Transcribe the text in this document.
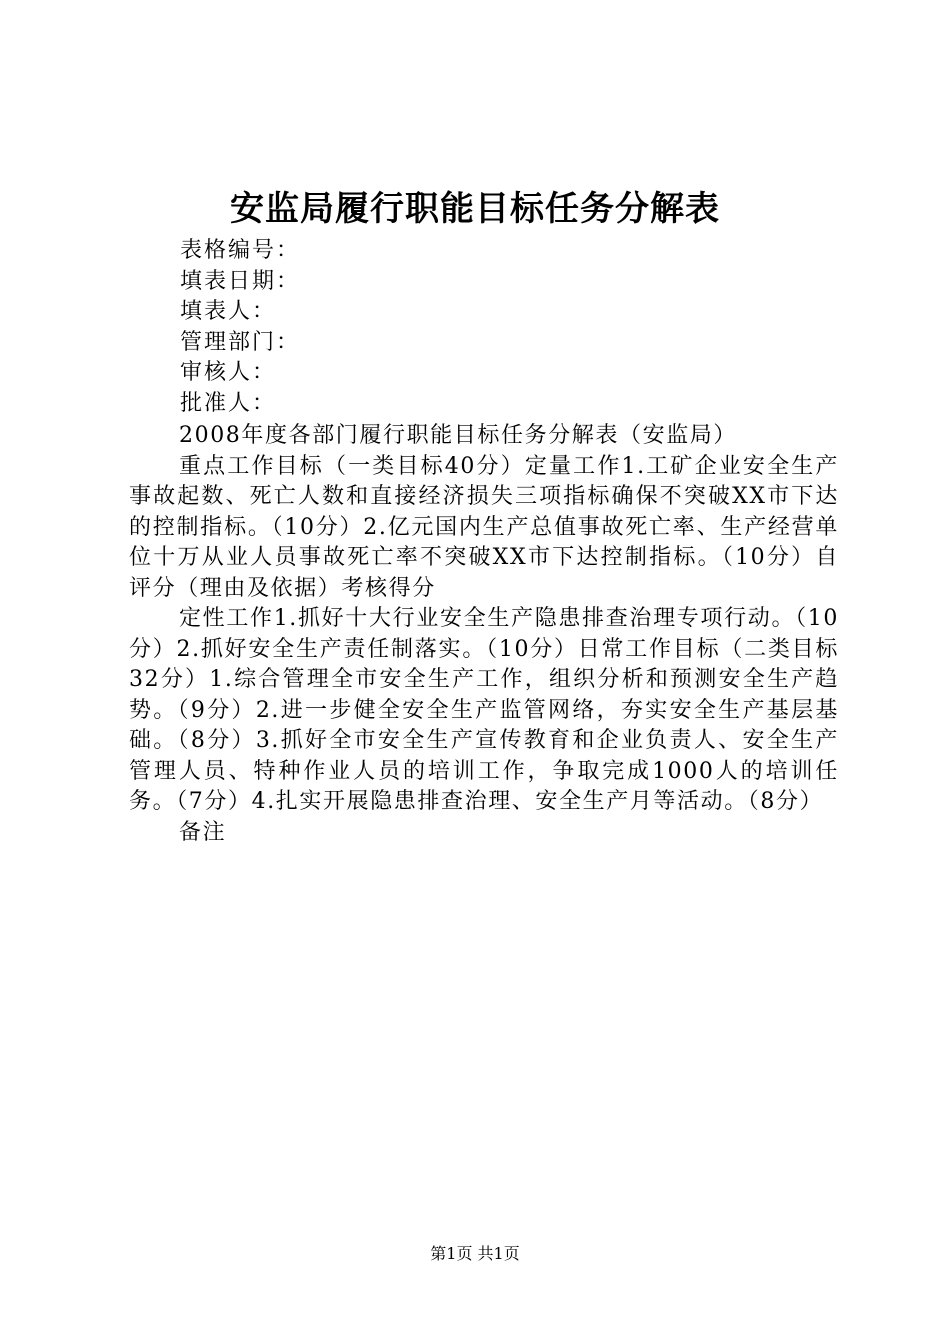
安监局履行职能目标任务分解表
表格编号：
填表日期：
填表人：
管理部门：
审核人：
批准人：

2008年度各部门履行职能目标任务分解表（安监局）

重点工作目标（一类目标40分）定量工作1.工矿企业安全生产事故起数、死亡人数和直接经济损失三项指标确保不突破XX市下达的控制指标。（10分）2.亿元国内生产总值事故死亡率、生产经营单位十万从业人员事故死亡率不突破XX市下达控制指标。（10分）自评分（理由及依据）考核得分

定性工作1.抓好十大行业安全生产隐患排查治理专项行动。（10分）2.抓好安全生产责任制落实。（10分）日常工作目标（二类目标32分）1.综合管理全市安全生产工作，组织分析和预测安全生产趋势。（9分）2.进一步健全安全生产监管网络，夯实安全生产基层基础。（8分）3.抓好全市安全生产宣传教育和企业负责人、安全生产管理人员、特种作业人员的培训工作，争取完成1000人的培训任务。（7分）4.扎实开展隐患排查治理、安全生产月等活动。（8分）

备注

第1页 共1页
